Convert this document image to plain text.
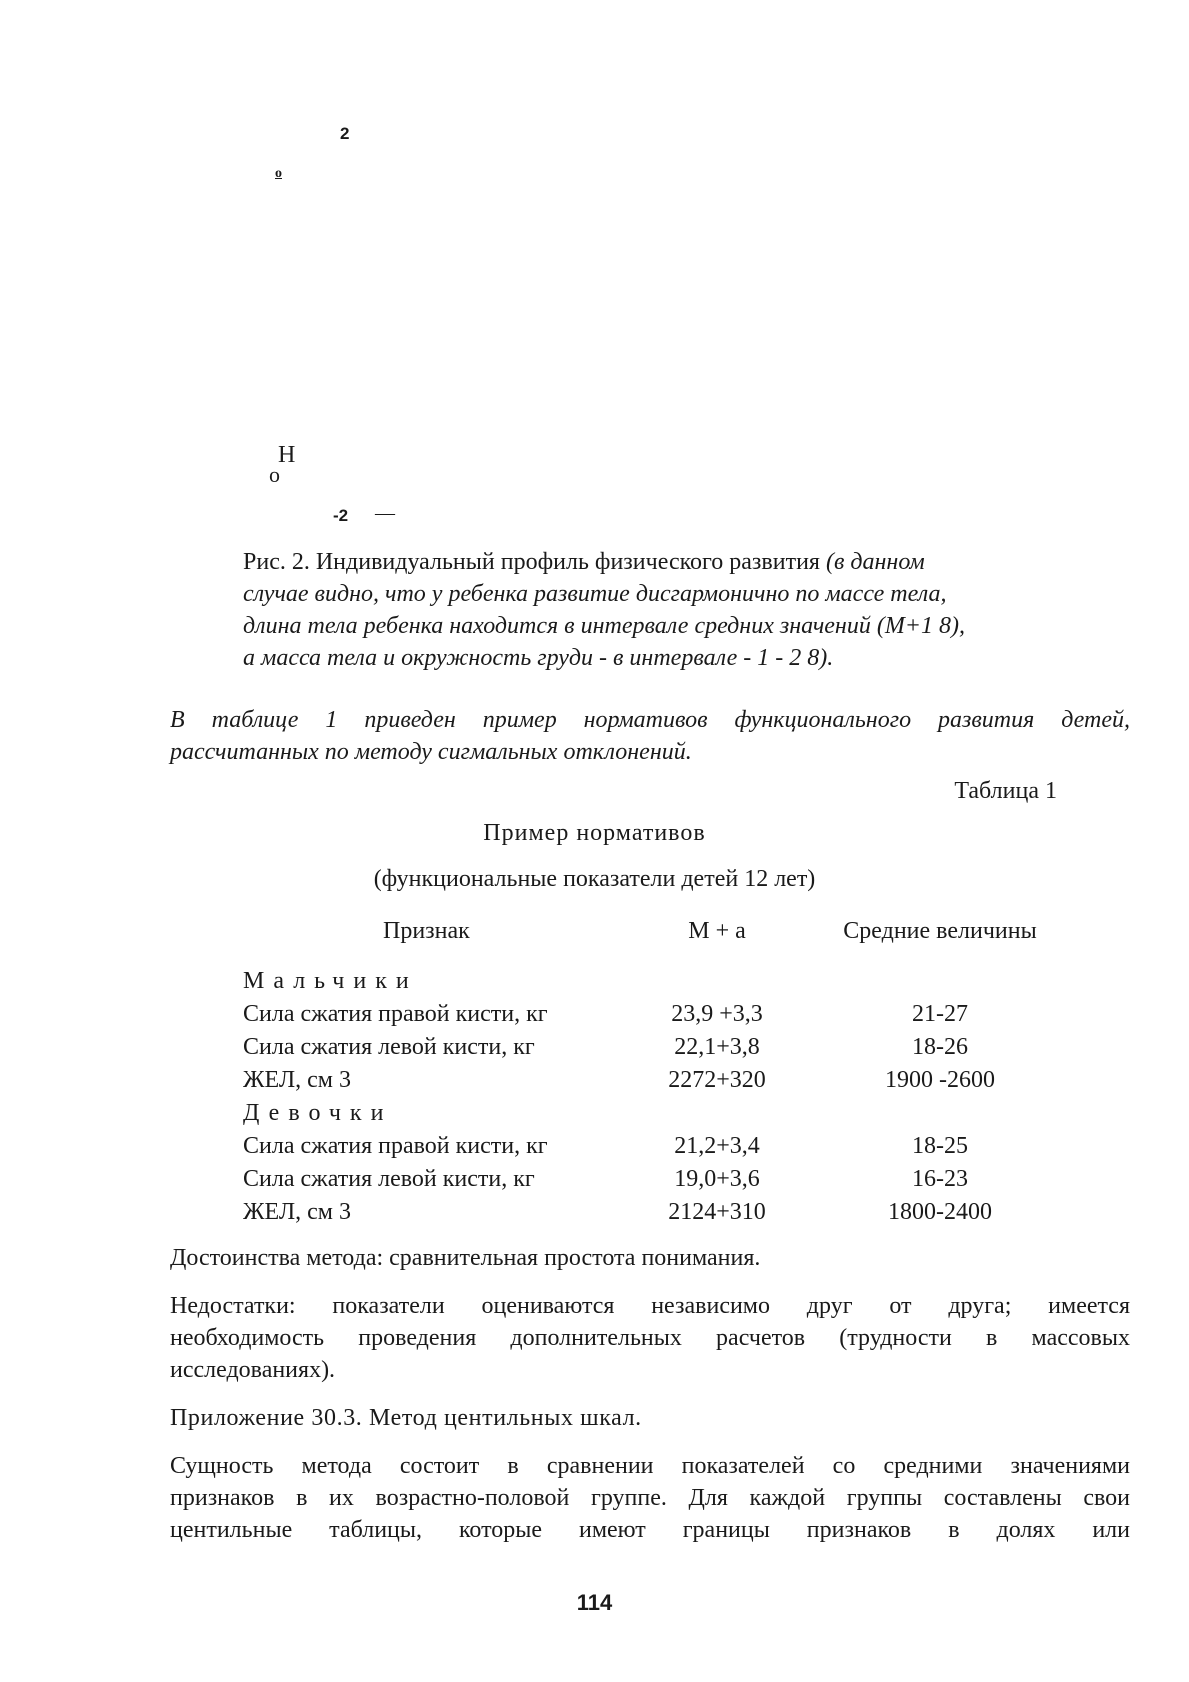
2
o
Н
о
-2 —
Рис. 2. Индивидуальный профиль физического развития (в данном
случае видно, что у ребенка развитие дисгармонично по массе тела,
длина тела ребенка находится в интервале средних значений (М+1 8),
а масса тела и окружность груди - в интервале - 1 - 2 8).
В таблице 1 приведен пример нормативов функционального развития детей,
рассчитанных по методу сигмальных отклонений.
Таблица 1
Пример нормативов
(функциональные показатели детей 12 лет)
Признак	М + а	Средние величины
Мальчики
Сила сжатия правой кисти, кг	23,9 +3,3	21-27
Сила сжатия левой кисти, кг	22,1+3,8	18-26
ЖЕЛ, см 3	2272+320	1900 -2600
Девочки
Сила сжатия правой кисти, кг	21,2+3,4	18-25
Сила сжатия левой кисти, кг	19,0+3,6	16-23
ЖЕЛ, см 3	2124+310	1800-2400
Достоинства метода: сравнительная простота понимания.
Недостатки: показатели оцениваются независимо друг от друга; имеется
необходимость проведения дополнительных расчетов (трудности в массовых
исследованиях).
Приложение 30.3. Метод центильных шкал.
Сущность метода состоит в сравнении показателей со средними значениями
признаков в их возрастно-половой группе. Для каждой группы составлены свои
центильные таблицы, которые имеют границы признаков в долях или
114
